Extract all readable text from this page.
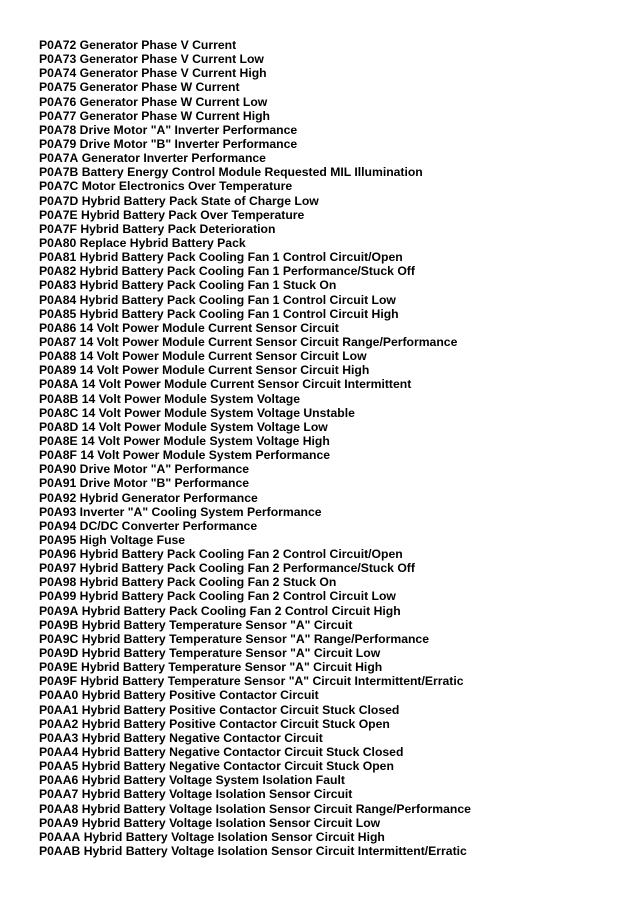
P0A72 Generator Phase V Current
P0A73 Generator Phase V Current Low
P0A74 Generator Phase V Current High
P0A75 Generator Phase W Current
P0A76 Generator Phase W Current Low
P0A77 Generator Phase W Current High
P0A78 Drive Motor "A" Inverter Performance
P0A79 Drive Motor "B" Inverter Performance
P0A7A Generator Inverter Performance
P0A7B Battery Energy Control Module Requested MIL Illumination
P0A7C Motor Electronics Over Temperature
P0A7D Hybrid Battery Pack State of Charge Low
P0A7E Hybrid Battery Pack Over Temperature
P0A7F Hybrid Battery Pack Deterioration
P0A80 Replace Hybrid Battery Pack
P0A81 Hybrid Battery Pack Cooling Fan 1 Control Circuit/Open
P0A82 Hybrid Battery Pack Cooling Fan 1 Performance/Stuck Off
P0A83 Hybrid Battery Pack Cooling Fan 1 Stuck On
P0A84 Hybrid Battery Pack Cooling Fan 1 Control Circuit Low
P0A85 Hybrid Battery Pack Cooling Fan 1 Control Circuit High
P0A86 14 Volt Power Module Current Sensor Circuit
P0A87 14 Volt Power Module Current Sensor Circuit Range/Performance
P0A88 14 Volt Power Module Current Sensor Circuit Low
P0A89 14 Volt Power Module Current Sensor Circuit High
P0A8A 14 Volt Power Module Current Sensor Circuit Intermittent
P0A8B 14 Volt Power Module System Voltage
P0A8C 14 Volt Power Module System Voltage Unstable
P0A8D 14 Volt Power Module System Voltage Low
P0A8E 14 Volt Power Module System Voltage High
P0A8F 14 Volt Power Module System Performance
P0A90 Drive Motor "A" Performance
P0A91 Drive Motor "B" Performance
P0A92 Hybrid Generator Performance
P0A93 Inverter "A" Cooling System Performance
P0A94 DC/DC Converter Performance
P0A95 High Voltage Fuse
P0A96 Hybrid Battery Pack Cooling Fan 2 Control Circuit/Open
P0A97 Hybrid Battery Pack Cooling Fan 2 Performance/Stuck Off
P0A98 Hybrid Battery Pack Cooling Fan 2 Stuck On
P0A99 Hybrid Battery Pack Cooling Fan 2 Control Circuit Low
P0A9A Hybrid Battery Pack Cooling Fan 2 Control Circuit High
P0A9B Hybrid Battery Temperature Sensor "A" Circuit
P0A9C Hybrid Battery Temperature Sensor "A" Range/Performance
P0A9D Hybrid Battery Temperature Sensor "A" Circuit Low
P0A9E Hybrid Battery Temperature Sensor "A" Circuit High
P0A9F Hybrid Battery Temperature Sensor "A" Circuit Intermittent/Erratic
P0AA0 Hybrid Battery Positive Contactor Circuit
P0AA1 Hybrid Battery Positive Contactor Circuit Stuck Closed
P0AA2 Hybrid Battery Positive Contactor Circuit Stuck Open
P0AA3 Hybrid Battery Negative Contactor Circuit
P0AA4 Hybrid Battery Negative Contactor Circuit Stuck Closed
P0AA5 Hybrid Battery Negative Contactor Circuit Stuck Open
P0AA6 Hybrid Battery Voltage System Isolation Fault
P0AA7 Hybrid Battery Voltage Isolation Sensor Circuit
P0AA8 Hybrid Battery Voltage Isolation Sensor Circuit Range/Performance
P0AA9 Hybrid Battery Voltage Isolation Sensor Circuit Low
P0AAA Hybrid Battery Voltage Isolation Sensor Circuit High
P0AAB Hybrid Battery Voltage Isolation Sensor Circuit Intermittent/Erratic
